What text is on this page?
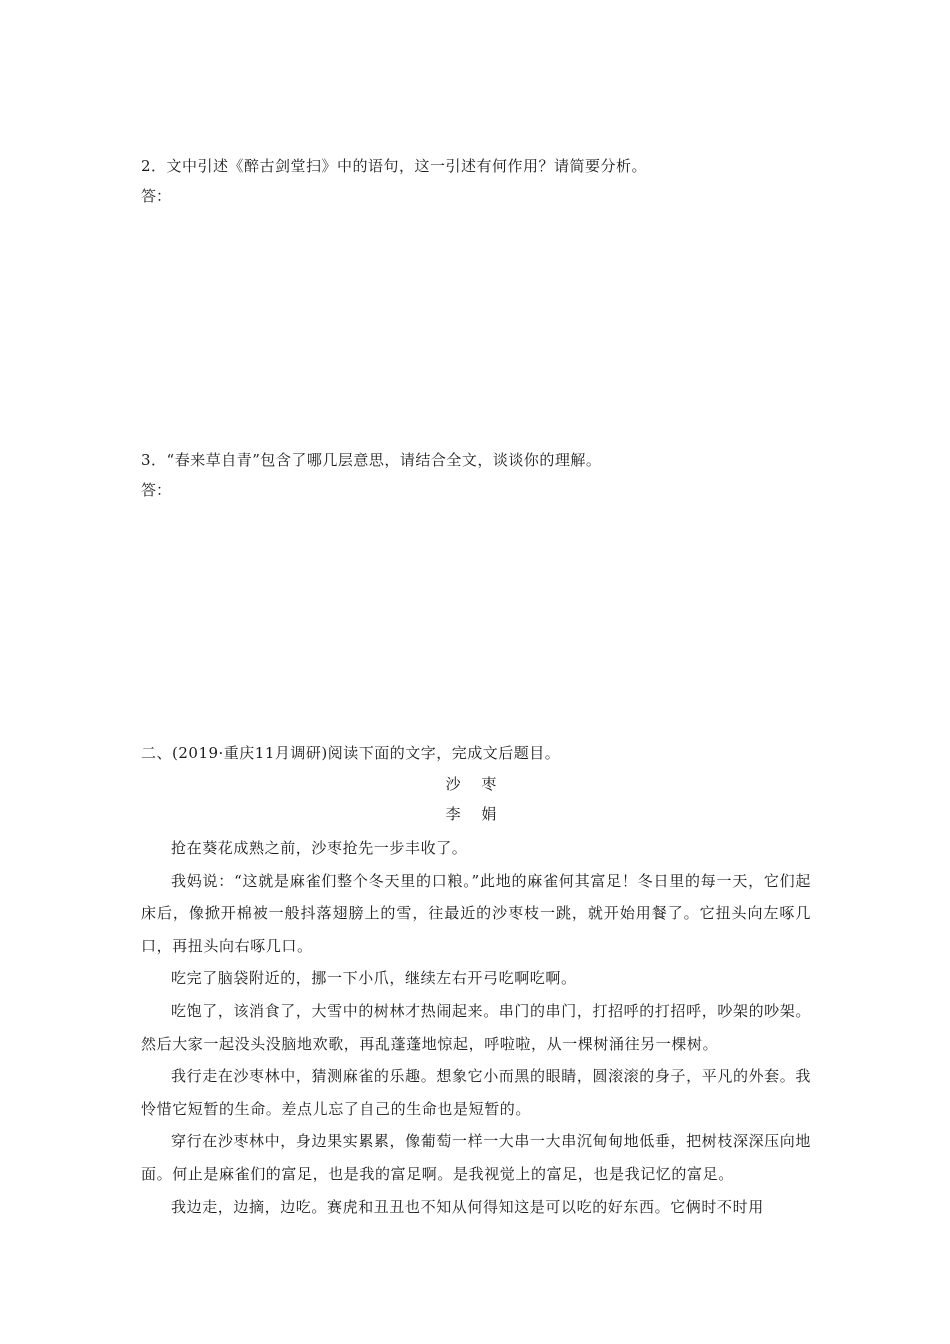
2．文中引述《醉古剑堂扫》中的语句，这一引述有何作用？请简要分析。
答：
3．“春来草自青”包含了哪几层意思，请结合全文，谈谈你的理解。
答：
二、(2019·重庆11月调研)阅读下面的文字，完成文后题目。
沙 枣
李 娟

抢在葵花成熟之前，沙枣抢先一步丰收了。

我妈说：“这就是麻雀们整个冬天里的口粮。”此地的麻雀何其富足！冬日里的每一天，它们起床后，像掀开棉被一般抖落翅膀上的雪，往最近的沙枣枝一跳，就开始用餐了。它扭头向左啄几口，再扭头向右啄几口。

吃完了脑袋附近的，挪一下小爪，继续左右开弓吃啊吃啊。

吃饱了，该消食了，大雪中的树林才热闹起来。串门的串门，打招呼的打招呼，吵架的吵架。然后大家一起没头没脑地欢歌，再乱蓬蓬地惊起，呼啦啦，从一棵树涌往另一棵树。

我行走在沙枣林中，猜测麻雀的乐趣。想象它小而黑的眼睛，圆滚滚的身子，平凡的外套。我怜惜它短暂的生命。差点儿忘了自己的生命也是短暂的。

穿行在沙枣林中，身边果实累累，像葡萄一样一大串一大串沉甸甸地低垂，把树枝深深压向地面。何止是麻雀们的富足，也是我的富足啊。是我视觉上的富足，也是我记忆的富足。

我边走，边摘，边吃。赛虎和丑丑也不知从何得知这是可以吃的好东西。它俩时不时用
